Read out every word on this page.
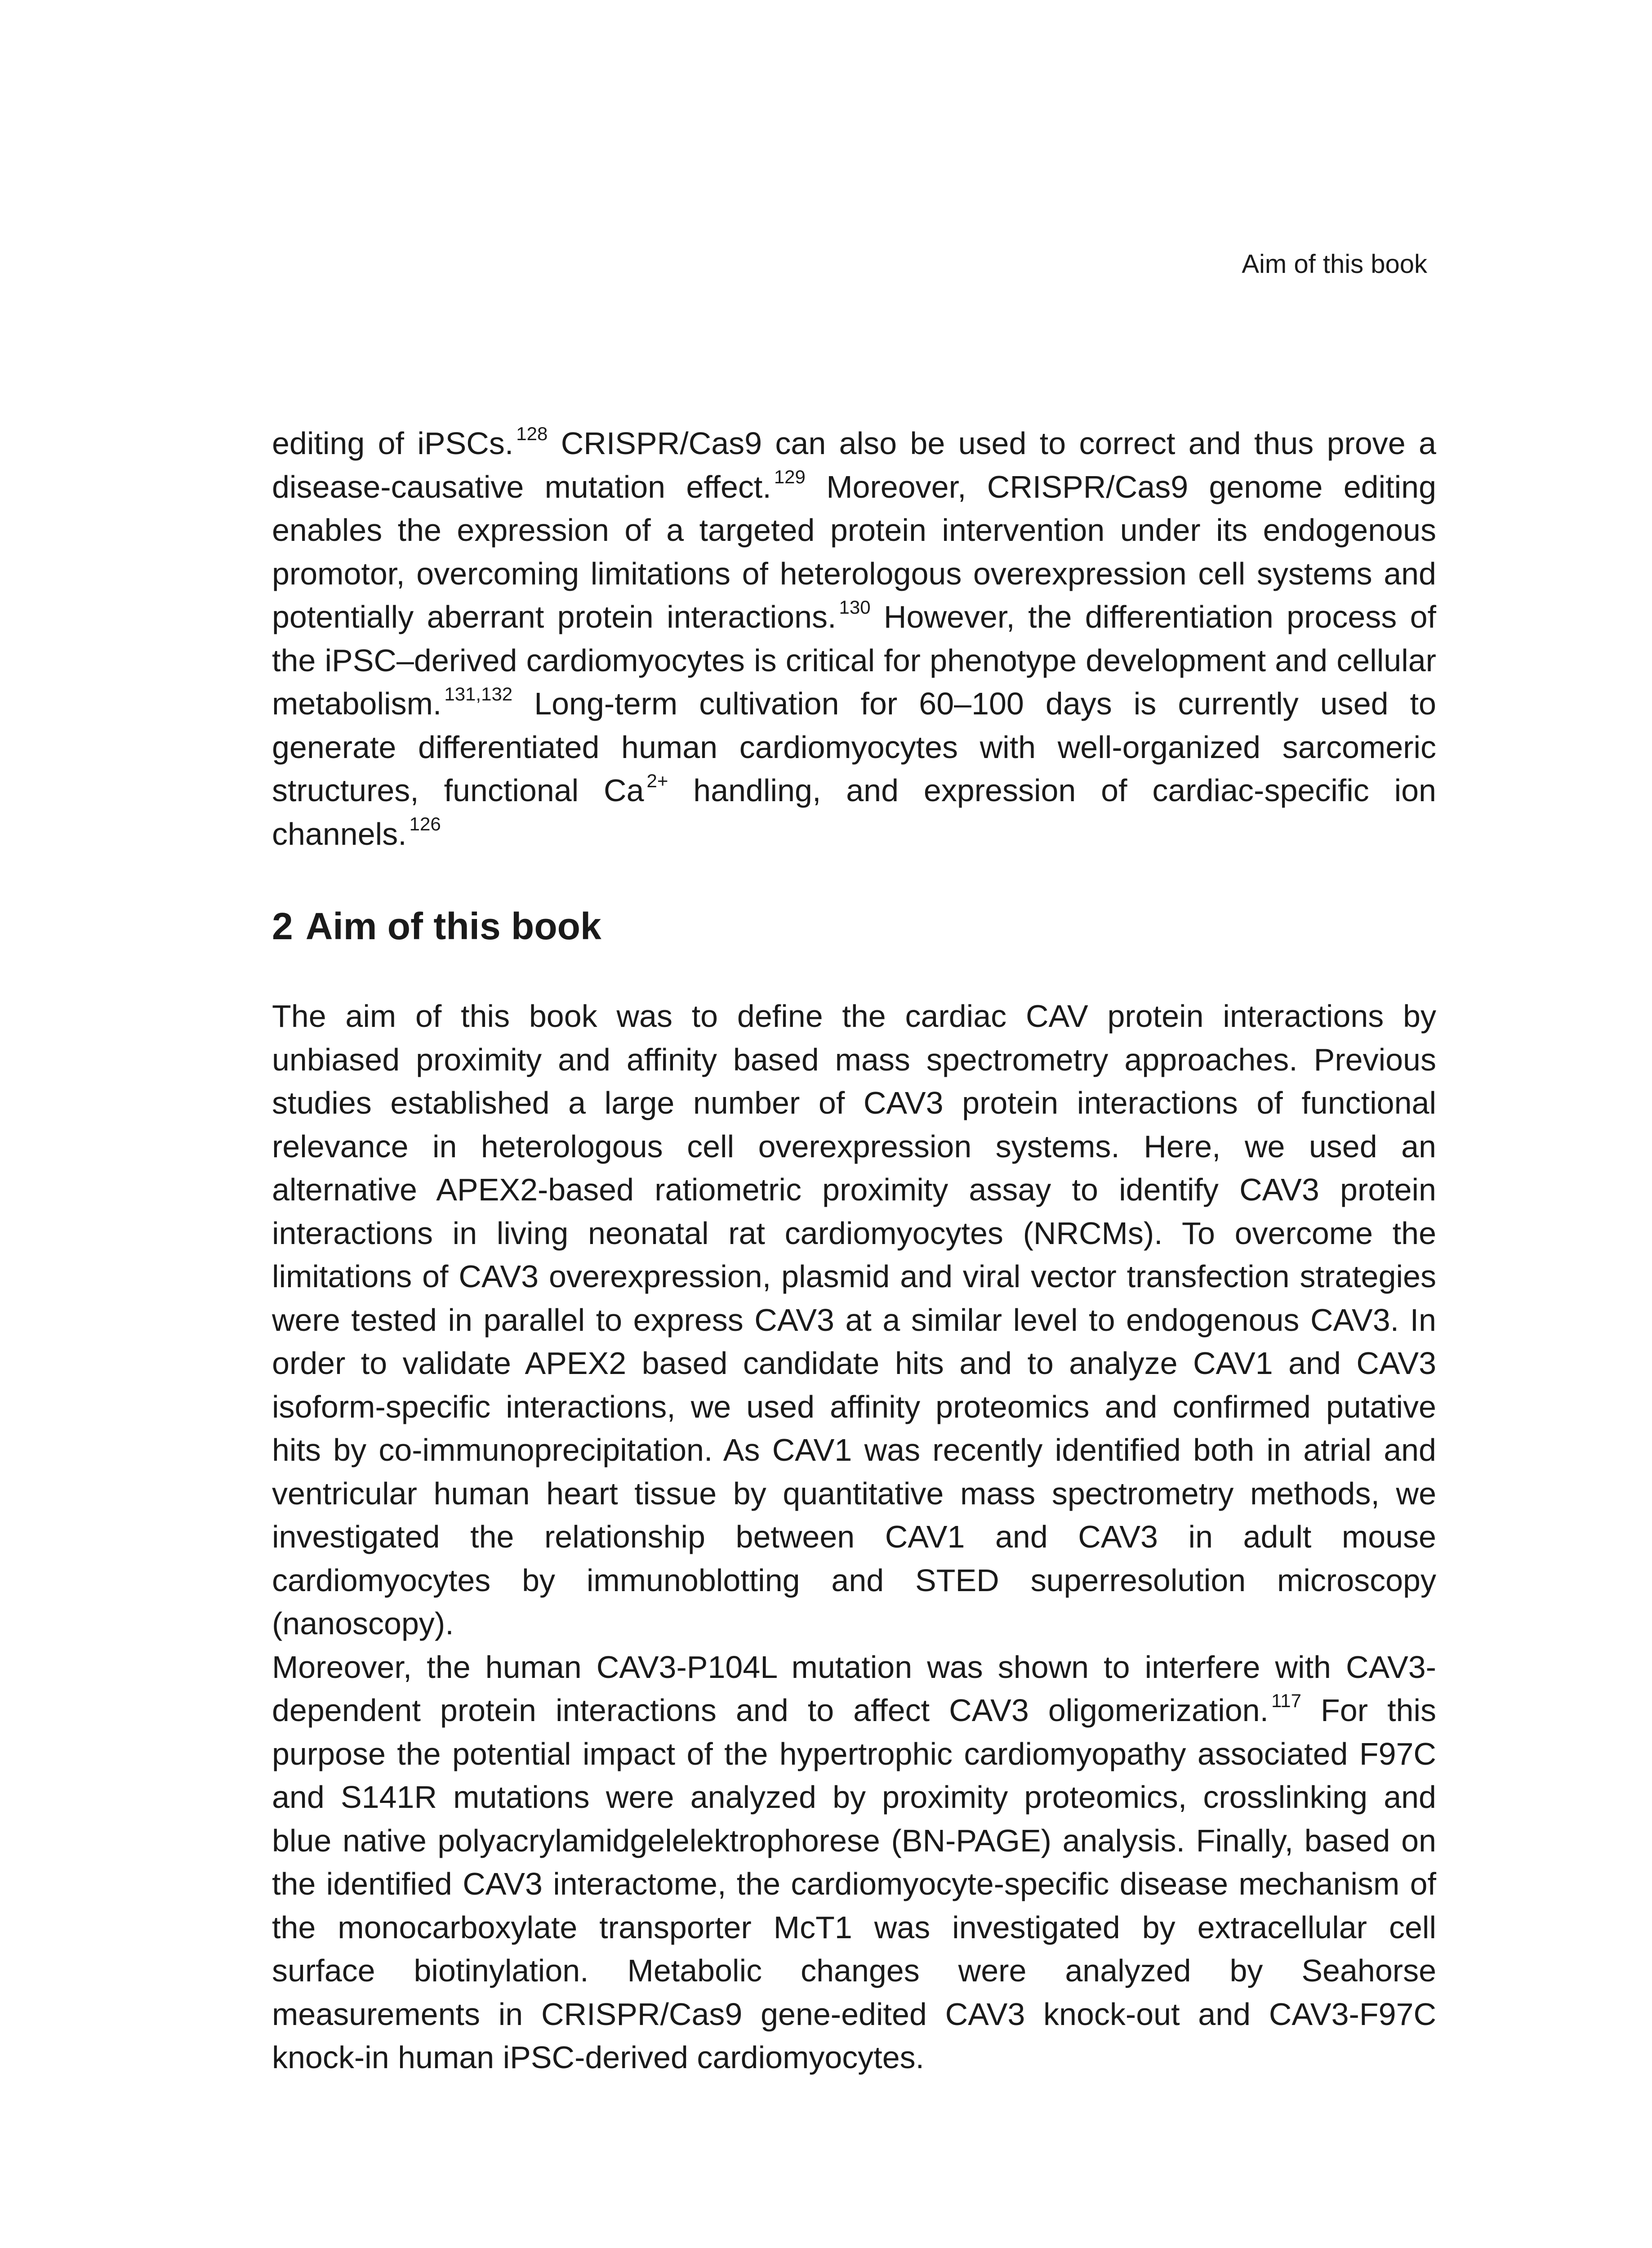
Aim of this book

editing of iPSCs. $^{128}$ CRISPR/Cas9 can also be used to correct and thus prove a disease-causative mutation effect. $^{129}$ Moreover, CRISPR/Cas9 genome editing enables the expression of a targeted protein intervention under its endogenous promotor, overcoming limitations of heterologous overexpression cell systems and potentially aberrant protein interactions. $^{130}$ However, the differentiation process of the iPSC–derived cardiomyocytes is critical for phenotype development and cellular metabolism. $^{131,132}$ Long-term cultivation for 60–100 days is currently used to generate differentiated human cardiomyocytes with well-organized sarcomeric structures, functional Ca $^{2+}$ handling, and expression of cardiac-specific ion channels. $^{126}$

2 Aim of this book

The aim of this book was to define the cardiac CAV protein interactions by unbiased proximity and affinity based mass spectrometry approaches. Previous studies established a large number of CAV3 protein interactions of functional relevance in heterologous cell overexpression systems. Here, we used an alternative APEX2-based ratiometric proximity assay to identify CAV3 protein interactions in living neonatal rat cardiomyocytes (NRCMs). To overcome the limitations of CAV3 overexpression, plasmid and viral vector transfection strategies were tested in parallel to express CAV3 at a similar level to endogenous CAV3. In order to validate APEX2 based candidate hits and to analyze CAV1 and CAV3 isoform-specific interactions, we used affinity proteomics and confirmed putative hits by co-immunoprecipitation. As CAV1 was recently identified both in atrial and ventricular human heart tissue by quantitative mass spectrometry methods, we investigated the relationship between CAV1 and CAV3 in adult mouse cardiomyocytes by immunoblotting and STED superresolution microscopy (nanoscopy).

Moreover, the human CAV3-P104L mutation was shown to interfere with CAV3-dependent protein interactions and to affect CAV3 oligomerization. $^{117}$ For this purpose the potential impact of the hypertrophic cardiomyopathy associated F97C and S141R mutations were analyzed by proximity proteomics, crosslinking and blue native polyacrylamidgelelektrophorese (BN-PAGE) analysis. Finally, based on the identified CAV3 interactome, the cardiomyocyte-specific disease mechanism of the monocarboxylate transporter McT1 was investigated by extracellular cell surface biotinylation. Metabolic changes were analyzed by Seahorse measurements in CRISPR/Cas9 gene-edited CAV3 knock-out and CAV3-F97C knock-in human iPSC-derived cardiomyocytes.
